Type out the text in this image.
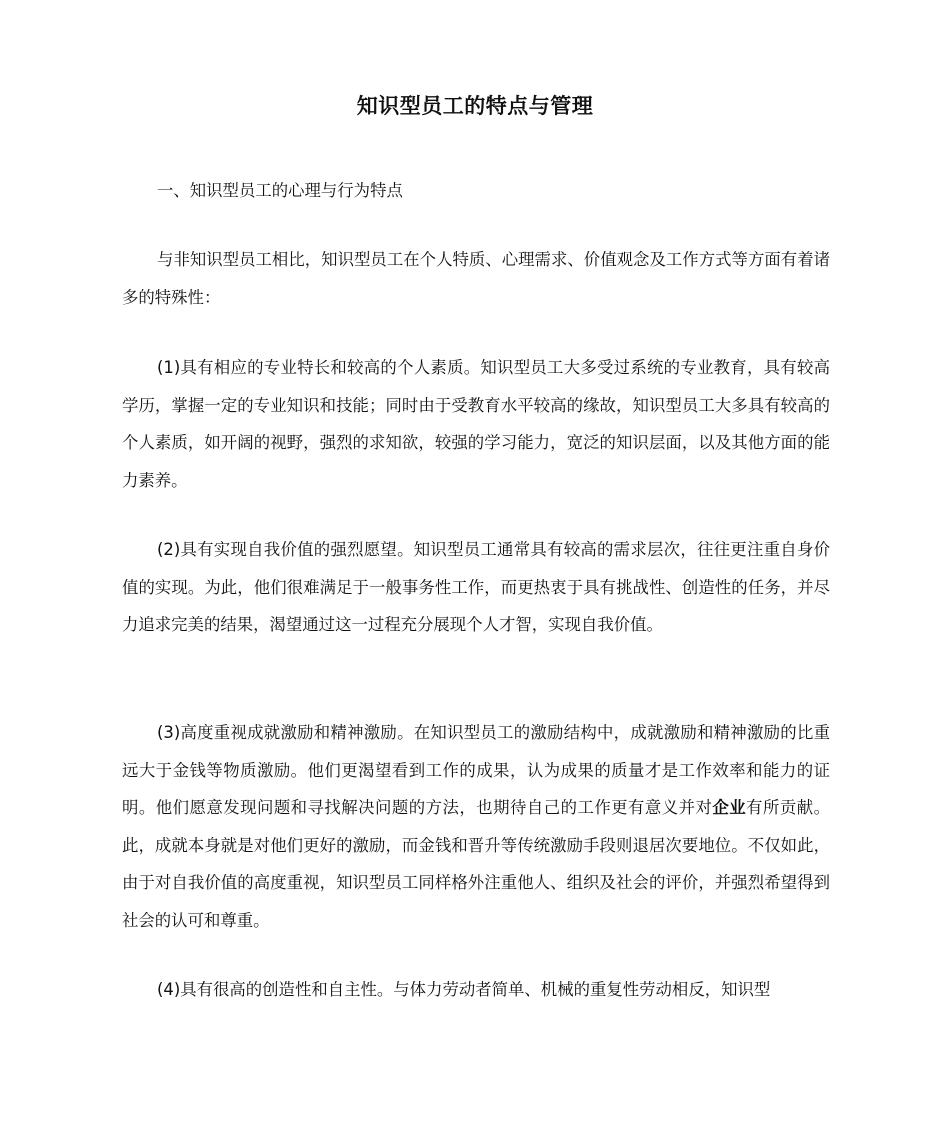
知识型员工的特点与管理

一、知识型员工的心理与行为特点

与非知识型员工相比，知识型员工在个人特质、心理需求、价值观念及工作方式等方面有着诸多的特殊性：

(1)具有相应的专业特长和较高的个人素质。知识型员工大多受过系统的专业教育，具有较高学历，掌握一定的专业知识和技能；同时由于受教育水平较高的缘故，知识型员工大多具有较高的个人素质，如开阔的视野，强烈的求知欲，较强的学习能力，宽泛的知识层面，以及其他方面的能力素养。

(2)具有实现自我价值的强烈愿望。知识型员工通常具有较高的需求层次，往往更注重自身价值的实现。为此，他们很难满足于一般事务性工作，而更热衷于具有挑战性、创造性的任务，并尽力追求完美的结果，渴望通过这一过程充分展现个人才智，实现自我价值。

(3)高度重视成就激励和精神激励。在知识型员工的激励结构中，成就激励和精神激励的比重远大于金钱等物质激励。他们更渴望看到工作的成果，认为成果的质量才是工作效率和能力的证明。他们愿意发现问题和寻找解决问题的方法，也期待自己的工作更有意义并对企业有所贡献。此，成就本身就是对他们更好的激励，而金钱和晋升等传统激励手段则退居次要地位。不仅如此，由于对自我价值的高度重视，知识型员工同样格外注重他人、组织及社会的评价，并强烈希望得到社会的认可和尊重。

(4)具有很高的创造性和自主性。与体力劳动者简单、机械的重复性劳动相反，知识型
